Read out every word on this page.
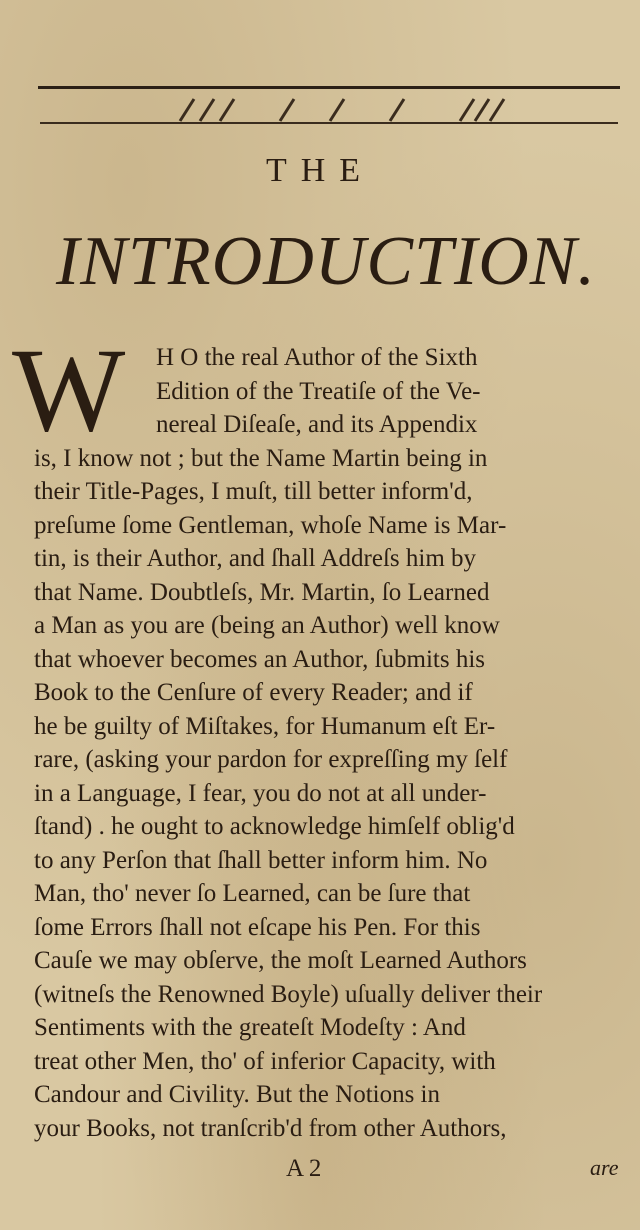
THE
INTRODUCTION.
W H O the real Author of the Sixth
Edition of the Treatiſe of the Ve-
nereal Diſeaſe, and its Appendix
is, I know not ; but the Name Martin being in
their Title-Pages, I muſt, till better inform'd,
preſume ſome Gentleman, whoſe Name is Mar-
tin, is their Author, and ſhall Addreſs him by
that Name. Doubtleſs, Mr. Martin, ſo Learned
a Man as you are (being an Author) well know
that whoever becomes an Author, ſubmits his
Book to the Cenſure of every Reader; and if
he be guilty of Miſtakes, for Humanum eſt Er-
rare, (asking your pardon for expreſſing my ſelf
in a Language, I fear, you do not at all under-
ſtand) . he ought to acknowledge himſelf oblig'd
to any Perſon that ſhall better inform him. No
Man, tho' never ſo Learned, can be ſure that
ſome Errors ſhall not eſcape his Pen. For this
Cauſe we may obſerve, the moſt Learned Authors
(witneſs the Renowned Boyle) uſually deliver their
Sentiments with the greateſt Modeſty : And
treat other Men, tho' of inferior Capacity, with
Candour and Civility. But the Notions in
your Books, not tranſcrib'd from other Authors,
A 2	are
